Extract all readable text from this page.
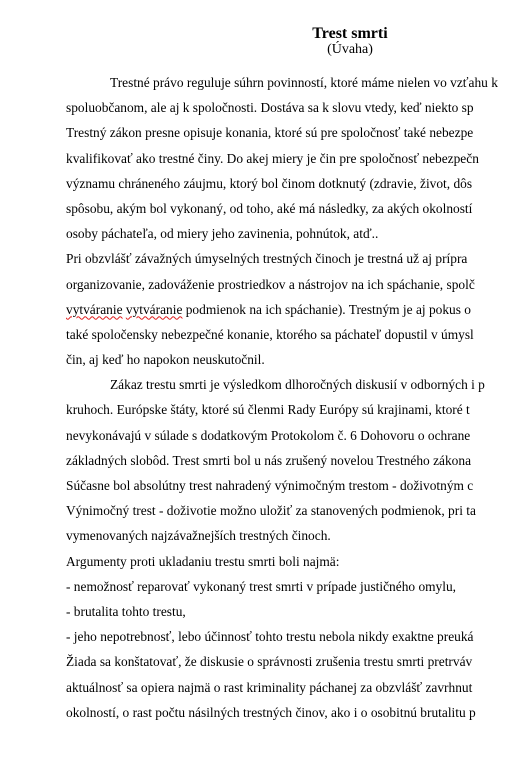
Trest smrti
(Úvaha)
Trestné právo reguluje súhrn povinností, ktoré máme nielen vo vzťahu k
spoluobčanom, ale aj k spoločnosti. Dostáva sa k slovu vtedy, keď niekto sp
Trestný zákon presne opisuje konania, ktoré sú pre spoločnosť také nebezpe
kvalifikovať ako trestné činy. Do akej miery je čin pre spoločnosť nebezpečn
významu chráneného záujmu, ktorý bol činom dotknutý (zdravie, život, dôs
spôsobu, akým bol vykonaný, od toho, aké má následky, za akých okolností
osoby páchateľa, od miery jeho zavinenia, pohnútok, atď..
Pri obzvlášť závažných úmyselných trestných činoch je trestná už aj prípra
organizovanie, zadováženie prostriedkov a nástrojov na ich spáchanie, spolč
vytváranie vytváranie podmienok na ich spáchanie). Trestným je aj pokus o
také spoločensky nebezpečné konanie, ktorého sa páchateľ dopustil v úmysl
čin, aj keď ho napokon neuskutočnil.
Zákaz trestu smrti je výsledkom dlhoročných diskusií v odborných i p
kruhoch. Európske štáty, ktoré sú členmi Rady Európy sú krajinami, ktoré t
nevykonávajú v súlade s dodatkovým Protokolom č. 6 Dohovoru o ochrane
základných slobôd. Trest smrti bol u nás zrušený novelou Trestného zákona
Súčasne bol absolútny trest nahradený výnimočným trestom - doživotným c
Výnimočný trest - doživotie možno uložiť za stanovených podmienok, pri ta
vymenovaných najzávažnejších trestných činoch.
Argumenty proti ukladaniu trestu smrti boli najmä:
- nemožnosť reparovať vykonaný trest smrti v prípade justičného omylu,
- brutalita tohto trestu,
- jeho nepotrebnosť, lebo účinnosť tohto trestu nebola nikdy exaktne preuká
Žiada sa konštatovať, že diskusie o správnosti zrušenia trestu smrti pretrváv
aktuálnosť sa opiera najmä o rast kriminality páchanej za obzvlášť zavrhnut
okolností, o rast počtu násilných trestných činov, ako i o osobitnú brutalitu p
